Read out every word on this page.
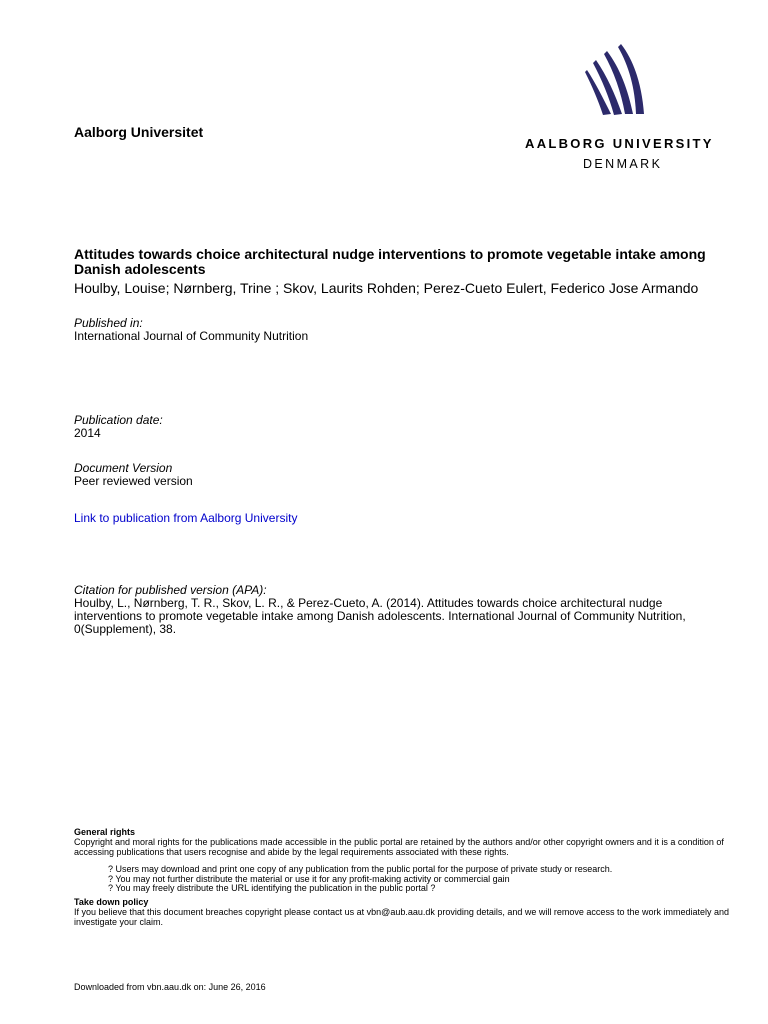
Aalborg Universitet
AALBORG UNIVERSITY
DENMARK
Attitudes towards choice architectural nudge interventions to promote vegetable intake among Danish adolescents
Houlby, Louise; Nørnberg, Trine ; Skov, Laurits Rohden; Perez-Cueto Eulert, Federico Jose Armando
Published in:
International Journal of Community Nutrition
Publication date:
2014
Document Version
Peer reviewed version
Link to publication from Aalborg University
Citation for published version (APA):
Houlby, L., Nørnberg, T. R., Skov, L. R., & Perez-Cueto, A. (2014). Attitudes towards choice architectural nudge interventions to promote vegetable intake among Danish adolescents. International Journal of Community Nutrition, 0(Supplement), 38.
General rights
Copyright and moral rights for the publications made accessible in the public portal are retained by the authors and/or other copyright owners and it is a condition of accessing publications that users recognise and abide by the legal requirements associated with these rights.
? Users may download and print one copy of any publication from the public portal for the purpose of private study or research.
? You may not further distribute the material or use it for any profit-making activity or commercial gain
? You may freely distribute the URL identifying the publication in the public portal ?
Take down policy
If you believe that this document breaches copyright please contact us at vbn@aub.aau.dk providing details, and we will remove access to the work immediately and investigate your claim.
Downloaded from vbn.aau.dk on: June 26, 2016
